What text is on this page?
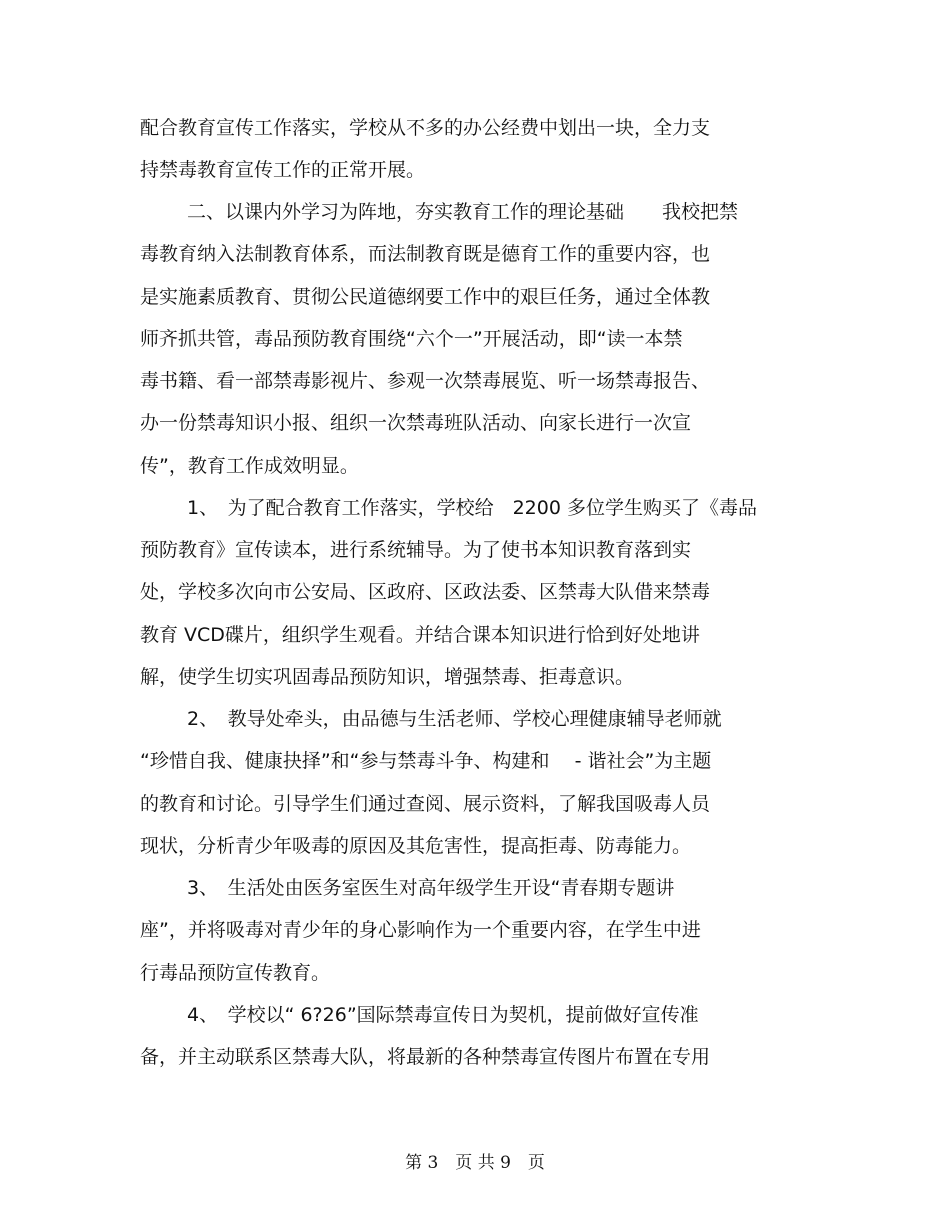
配合教育宣传工作落实，学校从不多的办公经费中划出一块，全力支
持禁毒教育宣传工作的正常开展。
二、以课内外学习为阵地，夯实教育工作的理论基础　　我校把禁
毒教育纳入法制教育体系，而法制教育既是德育工作的重要内容，也
是实施素质教育、贯彻公民道德纲要工作中的艰巨任务，通过全体教
师齐抓共管，毒品预防教育围绕“六个一”开展活动，即“读一本禁
毒书籍、看一部禁毒影视片、参观一次禁毒展览、听一场禁毒报告、
办一份禁毒知识小报、组织一次禁毒班队活动、向家长进行一次宣
传”，教育工作成效明显。
1、　为了配合教育工作落实，学校给　2200 多位学生购买了《毒品
预防教育》宣传读本，进行系统辅导。为了使书本知识教育落到实
处，学校多次向市公安局、区政府、区政法委、区禁毒大队借来禁毒
教育 VCD碟片，组织学生观看。并结合课本知识进行恰到好处地讲
解，使学生切实巩固毒品预防知识，增强禁毒、拒毒意识。
2、　教导处牵头，由品德与生活老师、学校心理健康辅导老师就
“珍惜自我、健康抉择”和“参与禁毒斗争、构建和　 - 谐社会”为主题
的教育和讨论。引导学生们通过查阅、展示资料，了解我国吸毒人员
现状，分析青少年吸毒的原因及其危害性，提高拒毒、防毒能力。
3、　生活处由医务室医生对高年级学生开设“青春期专题讲
座”，并将吸毒对青少年的身心影响作为一个重要内容，在学生中进
行毒品预防宣传教育。
4、　学校以“ 6?26”国际禁毒宣传日为契机，提前做好宣传准
备，并主动联系区禁毒大队，将最新的各种禁毒宣传图片布置在专用
第 3　页 共 9　页
